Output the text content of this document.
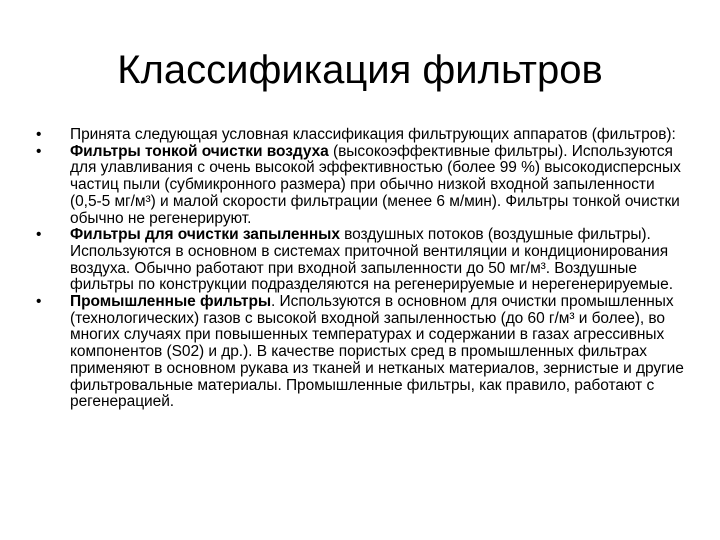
Классификация фильтров
•	Принята следующая условная классификация фильтрующих аппаратов (фильтров):
•	Фильтры тонкой очистки воздуха (высокоэффективные фильтры). Используются для улавливания с очень высокой эффективностью (более 99 %) высокодисперсных частиц пыли (субмикронного размера) при обычно низкой входной запыленности (0,5-5 мг/м³) и малой скорости фильтрации (менее 6 м/мин). Фильтры тонкой очистки обычно не регенерируют.
•	Фильтры для очистки запыленных воздушных потоков (воздушные фильтры). Используются в основном в системах приточной вентиляции и кондиционирования воздуха. Обычно работают при входной запыленности до 50 мг/м³. Воздушные фильтры по конструкции подразделяются на регенерируемые и нерегенерируемые.
•	Промышленные фильтры. Используются в основном для очистки промышленных (технологических) газов с высокой входной запыленностью (до 60 г/м³ и более), во многих случаях при повышенных температурах и содержании в газах агрессивных компонентов (S02) и др.). В качестве пористых сред в промышленных фильтрах применяют в основном рукава из тканей и нетканых материалов, зернистые и другие фильтровальные материалы. Промышленные фильтры, как правило, работают с регенерацией.
